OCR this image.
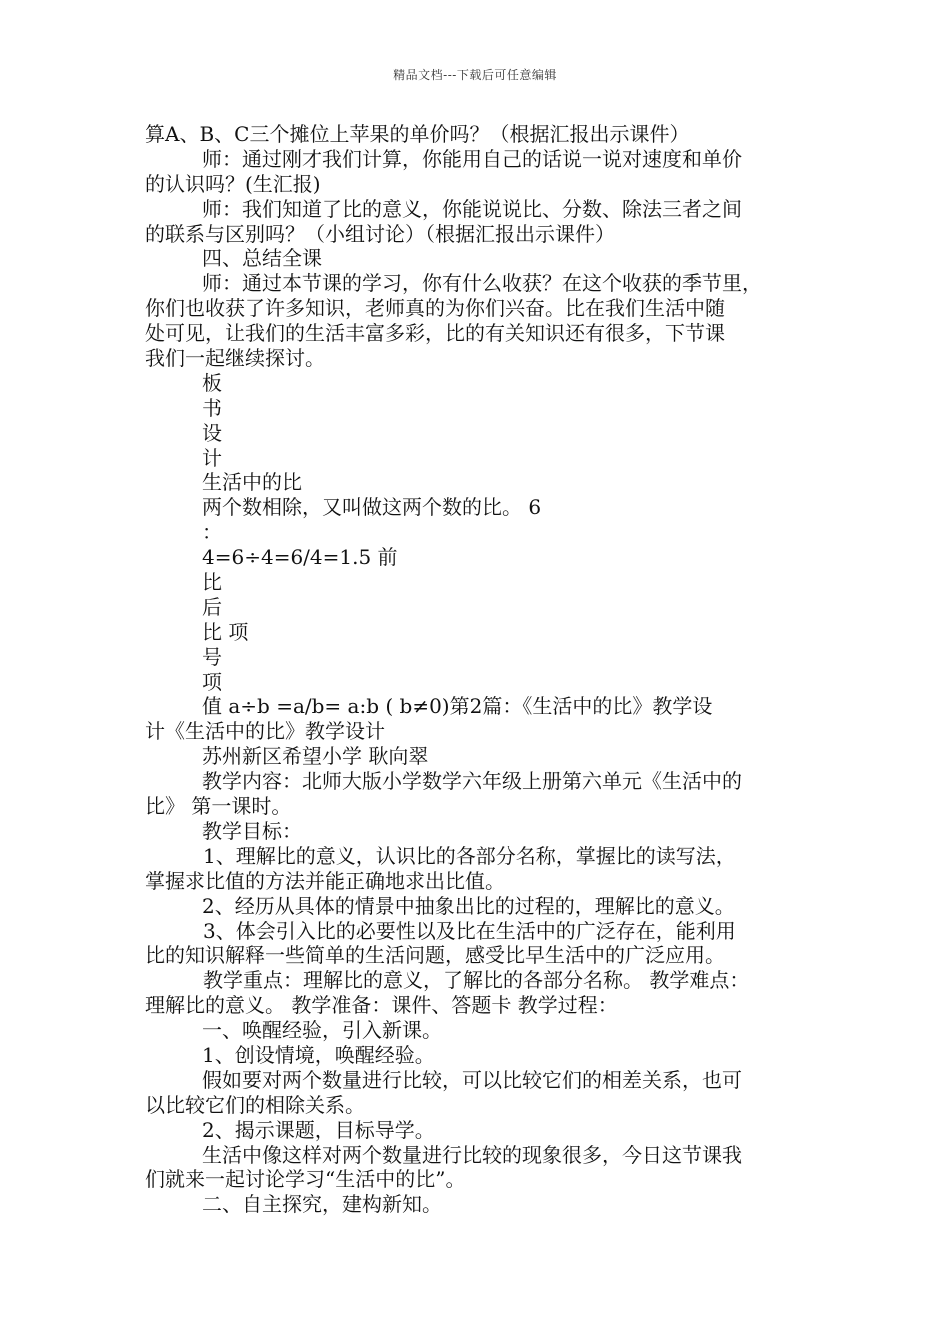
精品文档---下载后可任意编辑
算A、B、C三个摊位上苹果的单价吗？（根据汇报出示课件）
师：通过刚才我们计算，你能用自己的话说一说对速度和单价
的认识吗？(生汇报)
师：我们知道了比的意义，你能说说比、分数、除法三者之间
的联系与区别吗？（小组讨论）（根据汇报出示课件）
四、总结全课
师：通过本节课的学习，你有什么收获？在这个收获的季节里，
你们也收获了许多知识，老师真的为你们兴奋。比在我们生活中随
处可见，让我们的生活丰富多彩，比的有关知识还有很多，下节课
我们一起继续探讨。
板
书
设
计
生活中的比
两个数相除，又叫做这两个数的比。 6
：
4=6÷4=6/4=1.5 前
比
后
比 项
号
项
值 a÷b =a/b= a:b ( b≠0)第2篇：《生活中的比》教学设
计《生活中的比》教学设计
苏州新区希望小学 耿向翠
教学内容：北师大版小学数学六年级上册第六单元《生活中的
比》 第一课时。
教学目标：
1、理解比的意义，认识比的各部分名称，掌握比的读写法，
掌握求比值的方法并能正确地求出比值。
2、经历从具体的情景中抽象出比的过程的，理解比的意义。
3、体会引入比的必要性以及比在生活中的广泛存在，能利用
比的知识解释一些简单的生活问题，感受比早生活中的广泛应用。
教学重点：理解比的意义，了解比的各部分名称。 教学难点：
理解比的意义。 教学准备：课件、答题卡 教学过程：
一、唤醒经验，引入新课。
1、创设情境，唤醒经验。
假如要对两个数量进行比较，可以比较它们的相差关系，也可
以比较它们的相除关系。
2、揭示课题，目标导学。
生活中像这样对两个数量进行比较的现象很多，今日这节课我
们就来一起讨论学习“生活中的比”。
二、自主探究，建构新知。
